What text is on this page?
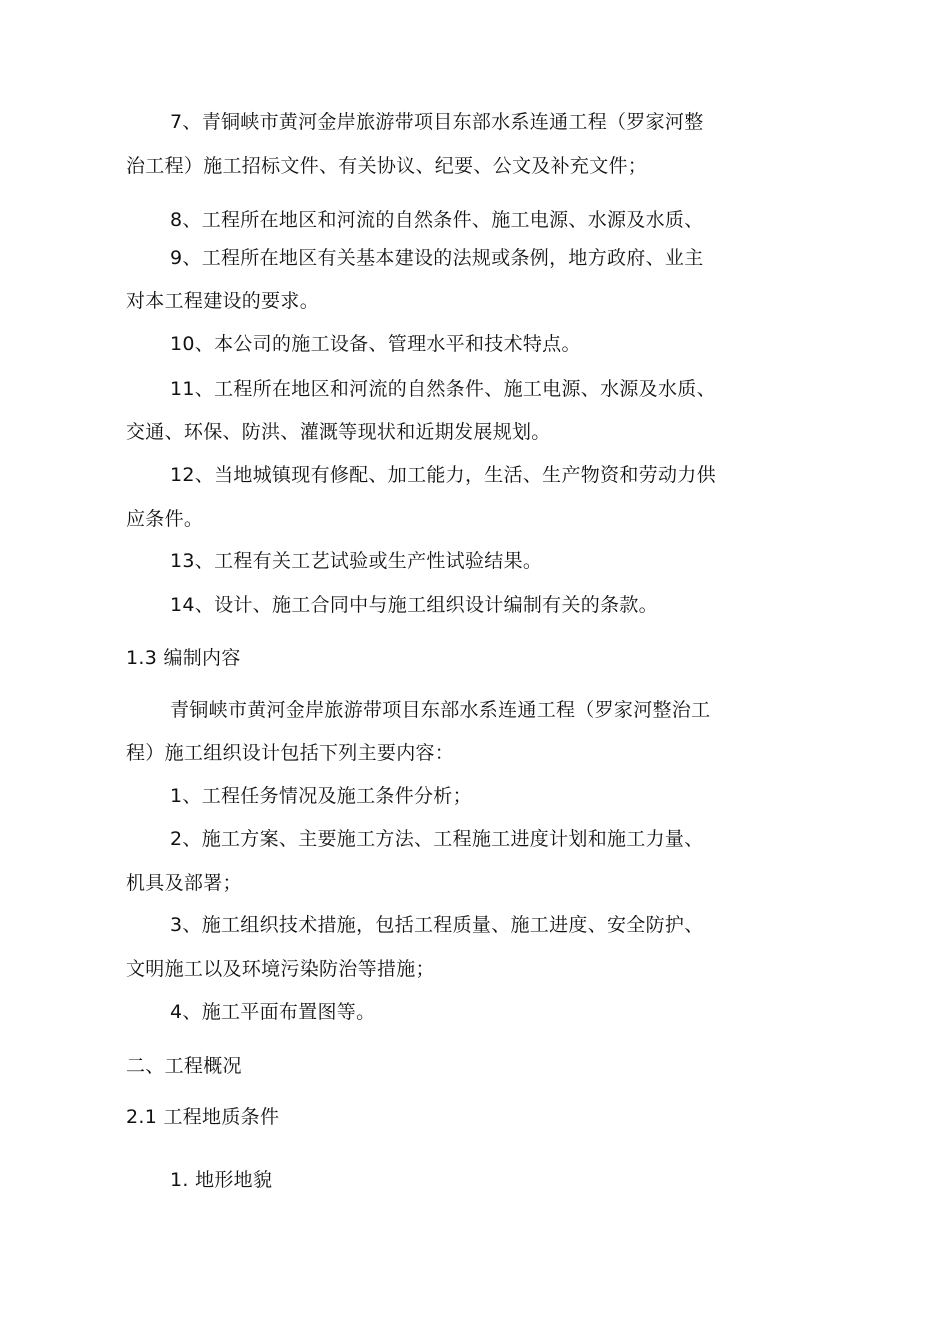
7、青铜峡市黄河金岸旅游带项目东部水系连通工程（罗家河整
治工程）施工招标文件、有关协议、纪要、公文及补充文件；
8、工程所在地区和河流的自然条件、施工电源、水源及水质、
9、工程所在地区有关基本建设的法规或条例，地方政府、业主
对本工程建设的要求。
10、本公司的施工设备、管理水平和技术特点。
11、工程所在地区和河流的自然条件、施工电源、水源及水质、
交通、环保、防洪、灌溉等现状和近期发展规划。
12、当地城镇现有修配、加工能力，生活、生产物资和劳动力供
应条件。
13、工程有关工艺试验或生产性试验结果。
14、设计、施工合同中与施工组织设计编制有关的条款。
1.3 编制内容
青铜峡市黄河金岸旅游带项目东部水系连通工程（罗家河整治工
程）施工组织设计包括下列主要内容：
1、工程任务情况及施工条件分析；
2、施工方案、主要施工方法、工程施工进度计划和施工力量、
机具及部署；
3、施工组织技术措施，包括工程质量、施工进度、安全防护、
文明施工以及环境污染防治等措施；
4、施工平面布置图等。
二、工程概况
2.1 工程地质条件
1. 地形地貌
